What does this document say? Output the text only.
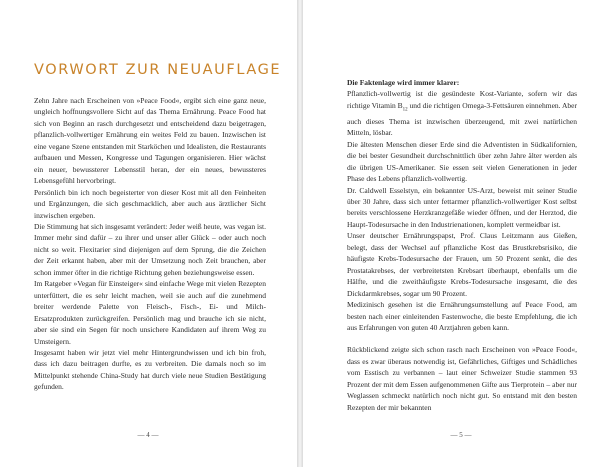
VORWORT ZUR NEUAUFLAGE

Zehn Jahre nach Erscheinen von »Peace Food«, ergibt sich eine ganz neue, ungleich hoffnungsvollere Sicht auf das Thema Ernährung. Peace Food hat sich von Beginn an rasch durchgesetzt und entscheidend dazu beigetragen, pflanzlich-vollwertiger Ernährung ein weites Feld zu bauen. Inzwischen ist eine vegane Szene entstanden mit Starköchen und Idealisten, die Restaurants aufbauen und Messen, Kongresse und Tagungen organisieren. Hier wächst ein neuer, bewussterer Lebensstil heran, der ein neues, bewussteres Lebensgefühl hervorbringt.

Persönlich bin ich noch begeisterter von dieser Kost mit all den Feinheiten und Ergänzungen, die sich geschmacklich, aber auch aus ärztlicher Sicht inzwischen ergeben.

Die Stimmung hat sich insgesamt verändert: Jeder weiß heute, was vegan ist. Immer mehr sind dafür – zu ihrer und unser aller Glück – oder auch noch nicht so weit. Flexitarier sind diejenigen auf dem Sprung, die die Zeichen der Zeit erkannt haben, aber mit der Umsetzung noch Zeit brauchen, aber schon immer öfter in die richtige Richtung gehen beziehungsweise essen.

Im Ratgeber »Vegan für Einsteiger« sind einfache Wege mit vielen Rezepten unterfüttert, die es sehr leicht machen, weil sie auch auf die zunehmend breiter werdende Palette von Fleisch-, Fisch-, Ei- und Milch-Ersatzprodukten zurückgreifen. Persönlich mag und brauche ich sie nicht, aber sie sind ein Segen für noch unsichere Kandidaten auf ihrem Weg zu Umsteigern.

Insgesamt haben wir jetzt viel mehr Hintergrundwissen und ich bin froh, dass ich dazu beitragen durfte, es zu verbreiten. Die damals noch so im Mittelpunkt stehende China-Study hat durch viele neue Studien Bestätigung gefunden.

— 4 —

Die Faktenlage wird immer klarer:

Pflanzlich-vollwertig ist die gesündeste Kost-Variante, sofern wir das richtige Vitamin $B_{12}$ und die richtigen Omega-3-Fettsäuren einnehmen. Aber auch dieses Thema ist inzwischen überzeugend, mit zwei natürlichen Mitteln, lösbar.

Die ältesten Menschen dieser Erde sind die Adventisten in Südkalifornien, die bei bester Gesundheit durchschnittlich über zehn Jahre älter werden als die übrigen US-Amerikaner. Sie essen seit vielen Generationen in jeder Phase des Lebens pflanzlich-vollwertig.

Dr. Caldwell Esselstyn, ein bekannter US-Arzt, beweist mit seiner Studie über 30 Jahre, dass sich unter fettarmer pflanzlich-vollwertiger Kost selbst bereits verschlossene Herzkranzgefäße wieder öffnen, und der Herztod, die Haupt-Todesursache in den Industrienationen, komplett vermeidbar ist.

Unser deutscher Ernährungspapst, Prof. Claus Leitzmann aus Gießen, belegt, dass der Wechsel auf pflanzliche Kost das Brustkrebsrisiko, die häufigste Krebs-Todesursache der Frauen, um 50 Prozent senkt, die des Prostatakrebses, der verbreitetsten Krebsart überhaupt, ebenfalls um die Hälfte, und die zweithäufigste Krebs-Todesursache insgesamt, die des Dickdarmkrebses, sogar um 90 Prozent.

Medizinisch gesehen ist die Ernährungsumstellung auf Peace Food, am besten nach einer einleitenden Fastenwoche, die beste Empfehlung, die ich aus Erfahrungen von guten 40 Arztjahren geben kann.

Rückblickend zeigte sich schon rasch nach Erscheinen von »Peace Food«, dass es zwar überaus notwendig ist, Gefährliches, Giftiges und Schädliches vom Esstisch zu verbannen – laut einer Schweizer Studie stammen 93 Prozent der mit dem Essen aufgenommenen Gifte aus Tierprotein – aber nur Weglassen schmeckt natürlich noch nicht gut. So entstand mit den besten Rezepten der mir bekannten

— 5 —
